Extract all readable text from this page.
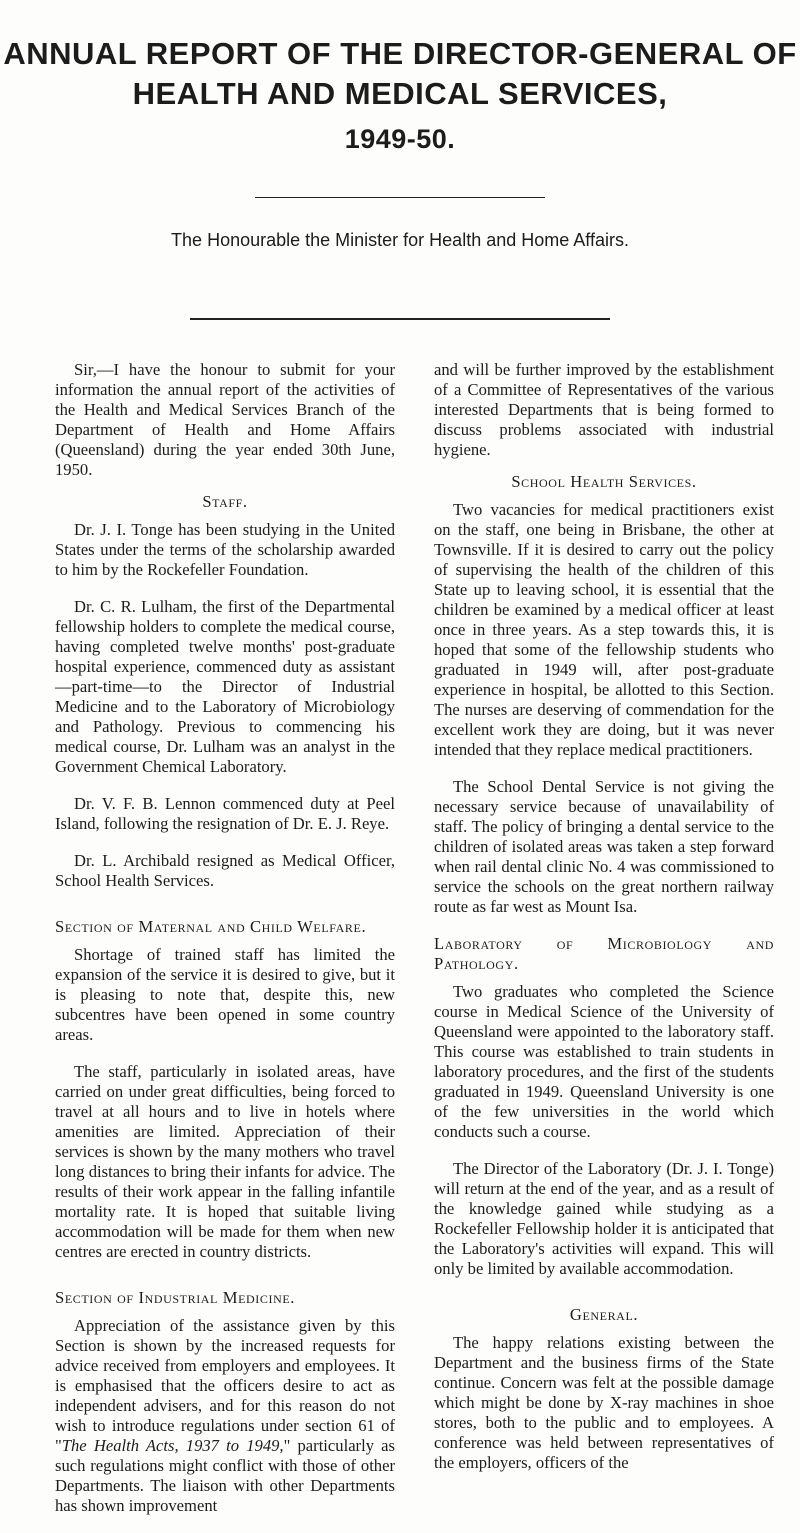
ANNUAL REPORT OF THE DIRECTOR-GENERAL OF
HEALTH AND MEDICAL SERVICES,
1949-50.
The Honourable the Minister for Health and Home Affairs.

Sir,—I have the honour to submit for your information the annual report of the activities of the Health and Medical Services Branch of the Department of Health and Home Affairs (Queensland) during the year ended 30th June, 1950.

Staff.

Dr. J. I. Tonge has been studying in the United States under the terms of the scholarship awarded to him by the Rockefeller Foundation.

Dr. C. R. Lulham, the first of the Departmental fellowship holders to complete the medical course, having completed twelve months' post-graduate hospital experience, commenced duty as assistant—part-time—to the Director of Industrial Medicine and to the Laboratory of Microbiology and Pathology. Previous to commencing his medical course, Dr. Lulham was an analyst in the Government Chemical Laboratory.

Dr. V. F. B. Lennon commenced duty at Peel Island, following the resignation of Dr. E. J. Reye.

Dr. L. Archibald resigned as Medical Officer, School Health Services.

Section of Maternal and Child Welfare.

Shortage of trained staff has limited the expansion of the service it is desired to give, but it is pleasing to note that, despite this, new subcentres have been opened in some country areas.

The staff, particularly in isolated areas, have carried on under great difficulties, being forced to travel at all hours and to live in hotels where amenities are limited. Appreciation of their services is shown by the many mothers who travel long distances to bring their infants for advice. The results of their work appear in the falling infantile mortality rate. It is hoped that suitable living accommodation will be made for them when new centres are erected in country districts.

Section of Industrial Medicine.

Appreciation of the assistance given by this Section is shown by the increased requests for advice received from employers and employees. It is emphasised that the officers desire to act as independent advisers, and for this reason do not wish to introduce regulations under section 61 of "The Health Acts, 1937 to 1949," particularly as such regulations might conflict with those of other Departments. The liaison with other Departments has shown improvement

and will be further improved by the establishment of a Committee of Representatives of the various interested Departments that is being formed to discuss problems associated with industrial hygiene.

School Health Services.

Two vacancies for medical practitioners exist on the staff, one being in Brisbane, the other at Townsville. If it is desired to carry out the policy of supervising the health of the children of this State up to leaving school, it is essential that the children be examined by a medical officer at least once in three years. As a step towards this, it is hoped that some of the fellowship students who graduated in 1949 will, after post-graduate experience in hospital, be allotted to this Section. The nurses are deserving of commendation for the excellent work they are doing, but it was never intended that they replace medical practitioners.

The School Dental Service is not giving the necessary service because of unavailability of staff. The policy of bringing a dental service to the children of isolated areas was taken a step forward when rail dental clinic No. 4 was commissioned to service the schools on the great northern railway route as far west as Mount Isa.

Laboratory of Microbiology and Pathology.

Two graduates who completed the Science course in Medical Science of the University of Queensland were appointed to the laboratory staff. This course was established to train students in laboratory procedures, and the first of the students graduated in 1949. Queensland University is one of the few universities in the world which conducts such a course.

The Director of the Laboratory (Dr. J. I. Tonge) will return at the end of the year, and as a result of the knowledge gained while studying as a Rockefeller Fellowship holder it is anticipated that the Laboratory's activities will expand. This will only be limited by available accommodation.

General.

The happy relations existing between the Department and the business firms of the State continue. Concern was felt at the possible damage which might be done by X-ray machines in shoe stores, both to the public and to employees. A conference was held between representatives of the employers, officers of the
